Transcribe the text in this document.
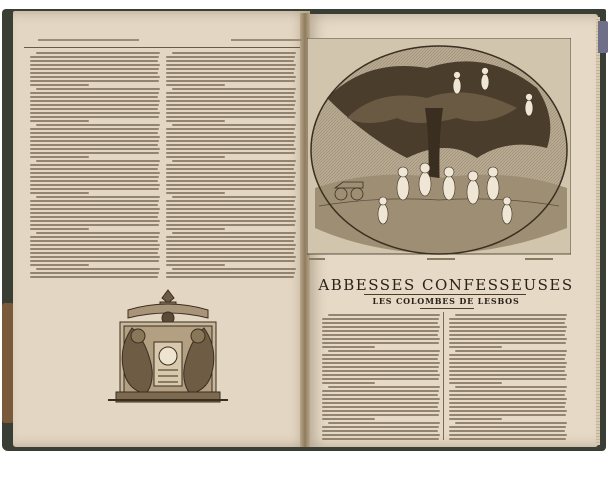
ABBESSES CONFESSEUSES
LES COLOMBES DE LESBOS
